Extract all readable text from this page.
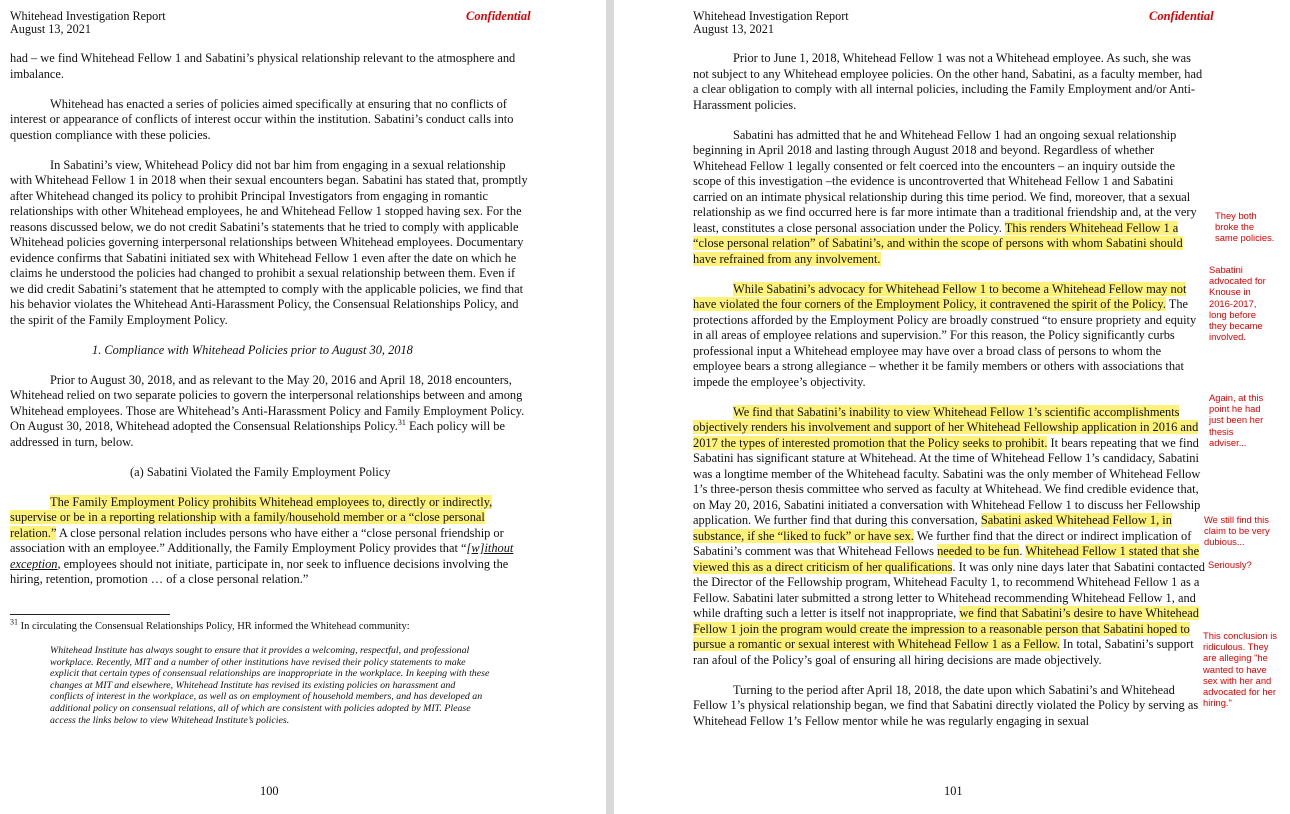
Whitehead Investigation Report
August 13, 2021
Confidential

had – we find Whitehead Fellow 1 and Sabatini’s physical relationship relevant to the atmosphere and imbalance.

Whitehead has enacted a series of policies aimed specifically at ensuring that no conflicts of interest or appearance of conflicts of interest occur within the institution. Sabatini’s conduct calls into question compliance with these policies.

In Sabatini’s view, Whitehead Policy did not bar him from engaging in a sexual relationship with Whitehead Fellow 1 in 2018 when their sexual encounters began. Sabatini has stated that, promptly after Whitehead changed its policy to prohibit Principal Investigators from engaging in romantic relationships with other Whitehead employees, he and Whitehead Fellow 1 stopped having sex. For the reasons discussed below, we do not credit Sabatini’s statements that he tried to comply with applicable Whitehead policies governing interpersonal relationships between Whitehead employees. Documentary evidence confirms that Sabatini initiated sex with Whitehead Fellow 1 even after the date on which he claims he understood the policies had changed to prohibit a sexual relationship between them. Even if we did credit Sabatini’s statement that he attempted to comply with the applicable policies, we find that his behavior violates the Whitehead Anti-Harassment Policy, the Consensual Relationships Policy, and the spirit of the Family Employment Policy.

1. Compliance with Whitehead Policies prior to August 30, 2018

Prior to August 30, 2018, and as relevant to the May 20, 2016 and April 18, 2018 encounters, Whitehead relied on two separate policies to govern the interpersonal relationships between and among Whitehead employees. Those are Whitehead’s Anti-Harassment Policy and Family Employment Policy. On August 30, 2018, Whitehead adopted the Consensual Relationships Policy.$^{31}$ Each policy will be addressed in turn, below.

(a) Sabatini Violated the Family Employment Policy

The Family Employment Policy prohibits Whitehead employees to, directly or indirectly, supervise or be in a reporting relationship with a family/household member or a “close personal relation.” A close personal relation includes persons who have either a “close personal friendship or association with an employee.” Additionally, the Family Employment Policy provides that “[w]ithout exception, employees should not initiate, participate in, nor seek to influence decisions involving the hiring, retention, promotion … of a close personal relation.”

$^{31}$ In circulating the Consensual Relationships Policy, HR informed the Whitehead community:

Whitehead Institute has always sought to ensure that it provides a welcoming, respectful, and professional workplace. Recently, MIT and a number of other institutions have revised their policy statements to make explicit that certain types of consensual relationships are inappropriate in the workplace. In keeping with these changes at MIT and elsewhere, Whitehead Institute has revised its existing policies on harassment and conflicts of interest in the workplace, as well as on employment of household members, and has developed an additional policy on consensual relations, all of which are consistent with policies adopted by MIT. Please access the links below to view Whitehead Institute’s policies.

100
Whitehead Investigation Report
August 13, 2021
Confidential

Prior to June 1, 2018, Whitehead Fellow 1 was not a Whitehead employee. As such, she was not subject to any Whitehead employee policies. On the other hand, Sabatini, as a faculty member, had a clear obligation to comply with all internal policies, including the Family Employment and/or Anti-Harassment policies.

Sabatini has admitted that he and Whitehead Fellow 1 had an ongoing sexual relationship beginning in April 2018 and lasting through August 2018 and beyond. Regardless of whether Whitehead Fellow 1 legally consented or felt coerced into the encounters – an inquiry outside the scope of this investigation –the evidence is uncontroverted that Whitehead Fellow 1 and Sabatini carried on an intimate physical relationship during this time period. We find, moreover, that a sexual relationship as we find occurred here is far more intimate than a traditional friendship and, at the very least, constitutes a close personal association under the Policy. This renders Whitehead Fellow 1 a “close personal relation” of Sabatini’s, and within the scope of persons with whom Sabatini should have refrained from any involvement.

While Sabatini’s advocacy for Whitehead Fellow 1 to become a Whitehead Fellow may not have violated the four corners of the Employment Policy, it contravened the spirit of the Policy. The protections afforded by the Employment Policy are broadly construed “to ensure propriety and equity in all areas of employee relations and supervision.” For this reason, the Policy significantly curbs professional input a Whitehead employee may have over a broad class of persons to whom the employee bears a strong allegiance – whether it be family members or others with associations that impede the employee’s objectivity.

We find that Sabatini’s inability to view Whitehead Fellow 1’s scientific accomplishments objectively renders his involvement and support of her Whitehead Fellowship application in 2016 and 2017 the types of interested promotion that the Policy seeks to prohibit. It bears repeating that we find Sabatini has significant stature at Whitehead. At the time of Whitehead Fellow 1’s candidacy, Sabatini was a longtime member of the Whitehead faculty. Sabatini was the only member of Whitehead Fellow 1’s three-person thesis committee who served as faculty at Whitehead. We find credible evidence that, on May 20, 2016, Sabatini initiated a conversation with Whitehead Fellow 1 to discuss her Fellowship application. We further find that during this conversation, Sabatini asked Whitehead Fellow 1, in substance, if she “liked to fuck” or have sex. We further find that the direct or indirect implication of Sabatini’s comment was that Whitehead Fellows needed to be fun. Whitehead Fellow 1 stated that she viewed this as a direct criticism of her qualifications. It was only nine days later that Sabatini contacted the Director of the Fellowship program, Whitehead Faculty 1, to recommend Whitehead Fellow 1 as a Fellow. Sabatini later submitted a strong letter to Whitehead recommending Whitehead Fellow 1, and while drafting such a letter is itself not inappropriate, we find that Sabatini’s desire to have Whitehead Fellow 1 join the program would create the impression to a reasonable person that Sabatini hoped to pursue a romantic or sexual interest with Whitehead Fellow 1 as a Fellow. In total, Sabatini’s support ran afoul of the Policy’s goal of ensuring all hiring decisions are made objectively.

Turning to the period after April 18, 2018, the date upon which Sabatini’s and Whitehead Fellow 1’s physical relationship began, we find that Sabatini directly violated the Policy by serving as Whitehead Fellow 1’s Fellow mentor while he was regularly engaging in sexual

101
They both broke the same policies.
Sabatini advocated for Knouse in 2016-2017, long before they became involved.
Again, at this point he had just been her thesis adviser...
We still find this claim to be very dubious...
Seriously?
This conclusion is ridiculous. They are alleging "he wanted to have sex with her and advocated for her hiring."
